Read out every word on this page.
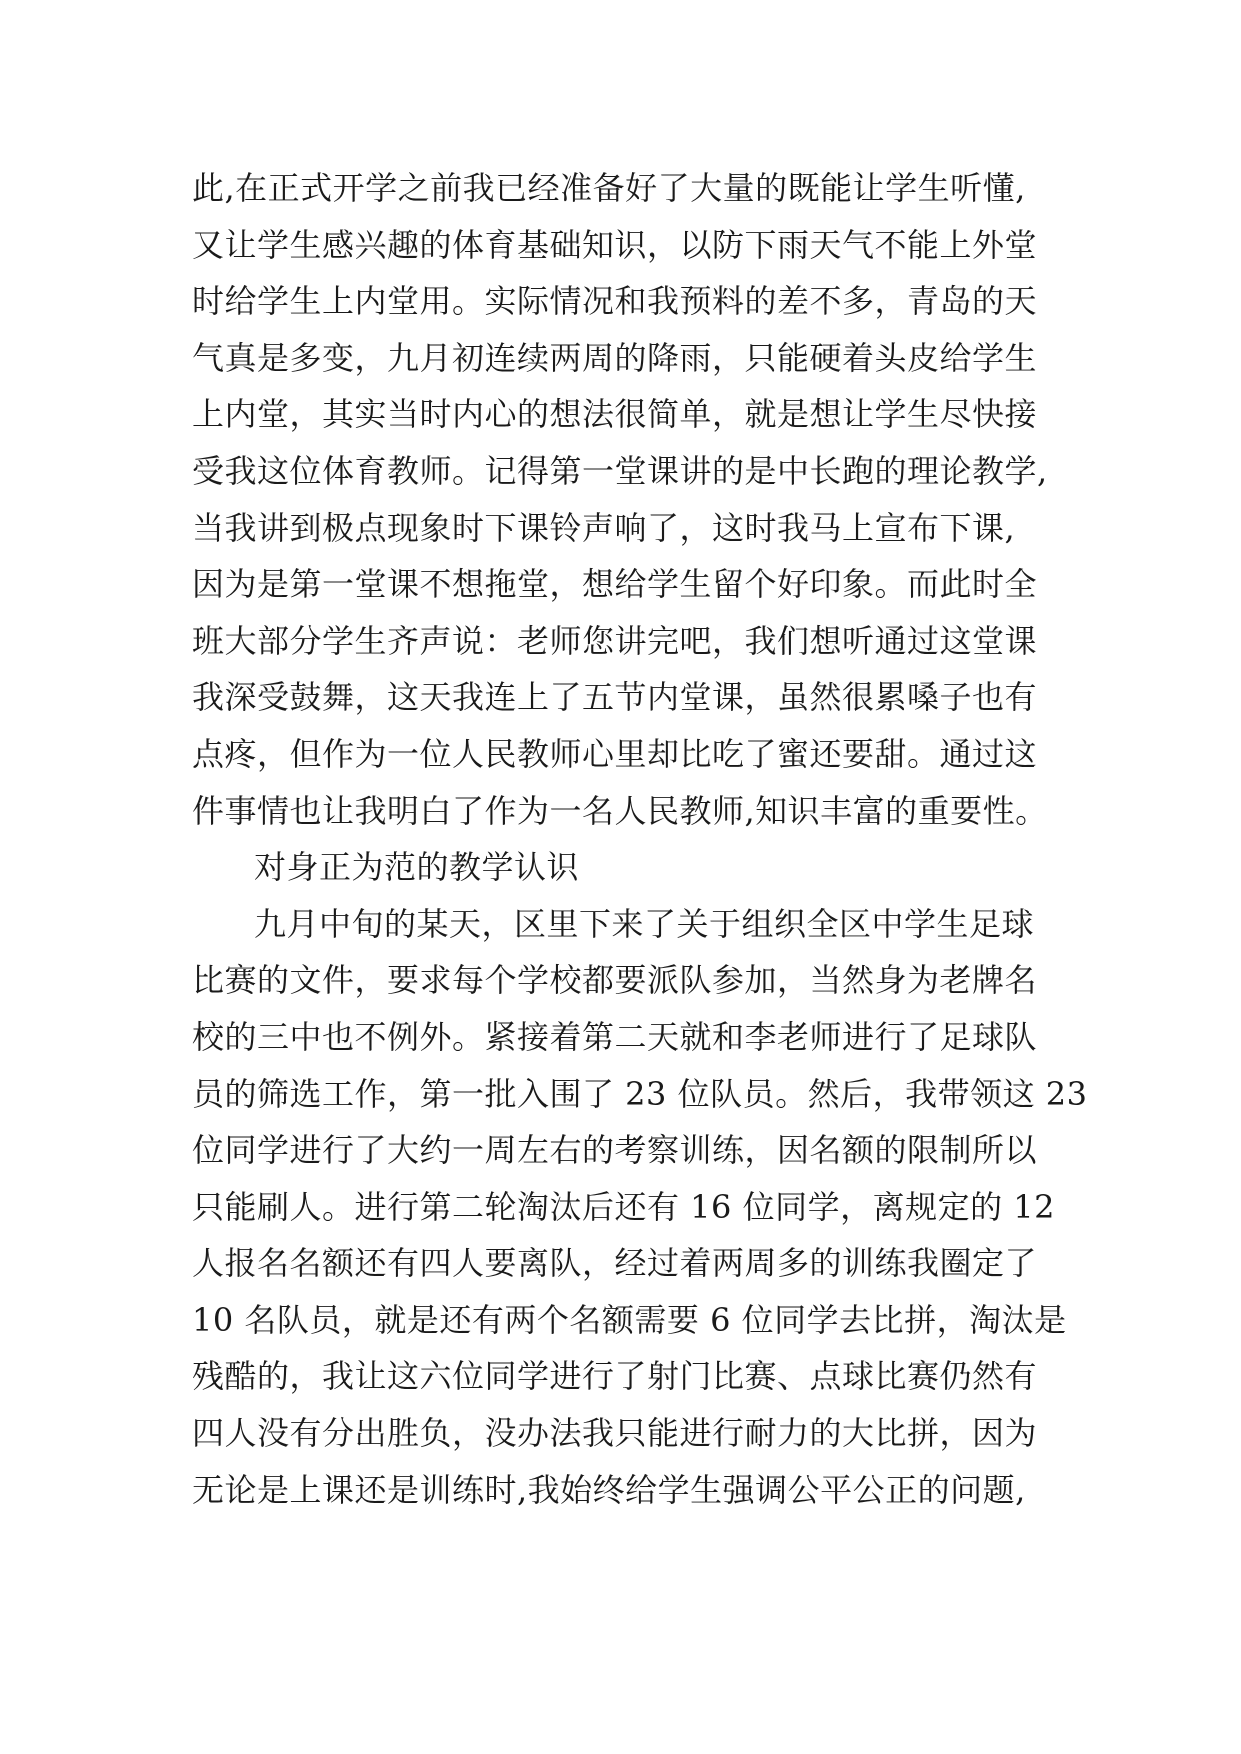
此,在正式开学之前我已经准备好了大量的既能让学生听懂,
又让学生感兴趣的体育基础知识，以防下雨天气不能上外堂
时给学生上内堂用。实际情况和我预料的差不多，青岛的天
气真是多变，九月初连续两周的降雨，只能硬着头皮给学生
上内堂，其实当时内心的想法很简单，就是想让学生尽快接
受我这位体育教师。记得第一堂课讲的是中长跑的理论教学,
当我讲到极点现象时下课铃声响了，这时我马上宣布下课,
因为是第一堂课不想拖堂，想给学生留个好印象。而此时全
班大部分学生齐声说：老师您讲完吧，我们想听通过这堂课
我深受鼓舞，这天我连上了五节内堂课，虽然很累嗓子也有
点疼，但作为一位人民教师心里却比吃了蜜还要甜。通过这
件事情也让我明白了作为一名人民教师,知识丰富的重要性。
对身正为范的教学认识
九月中旬的某天，区里下来了关于组织全区中学生足球
比赛的文件，要求每个学校都要派队参加，当然身为老牌名
校的三中也不例外。紧接着第二天就和李老师进行了足球队
员的筛选工作，第一批入围了 23 位队员。然后，我带领这 23
位同学进行了大约一周左右的考察训练，因名额的限制所以
只能刷人。进行第二轮淘汰后还有 16 位同学，离规定的 12
人报名名额还有四人要离队，经过着两周多的训练我圈定了
10 名队员，就是还有两个名额需要 6 位同学去比拼，淘汰是
残酷的，我让这六位同学进行了射门比赛、点球比赛仍然有
四人没有分出胜负，没办法我只能进行耐力的大比拼，因为
无论是上课还是训练时,我始终给学生强调公平公正的问题,
